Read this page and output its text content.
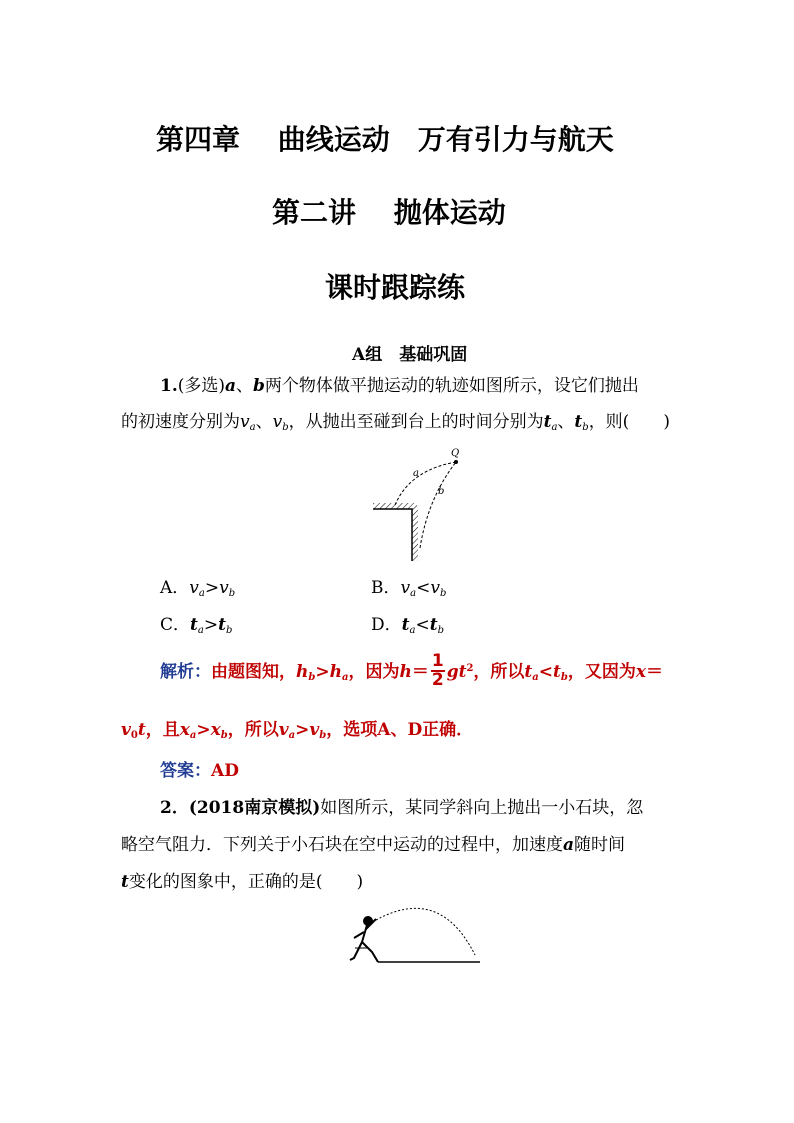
第四章　 曲线运动　万有引力与航天
第二讲　 抛体运动
课时跟踪练
A组　基础巩固
1.(多选)a、b两个物体做平抛运动的轨迹如图所示，设它们抛出
的初速度分别为$v_a$、$v_b$，从抛出至碰到台上的时间分别为$t_a$、$t_b$，则(　　)
Q
a
b
A．$v_a>v_b$	B．$v_a<v_b$
C．$t_a>t_b$	D．$t_a<t_b$
解析：由题图知，$h_b>h_a$，因为$h= \frac{1}{2} gt^2$，所以$t_a<t_b$，又因为x＝
$v_0t$，且$x_a>x_b$，所以$v_a>v_b$，选项A、D正确．
答案：AD
2．(2018南京模拟)如图所示，某同学斜向上抛出一小石块，忽
略空气阻力．下列关于小石块在空中运动的过程中，加速度a随时间
t变化的图象中，正确的是(　　)
